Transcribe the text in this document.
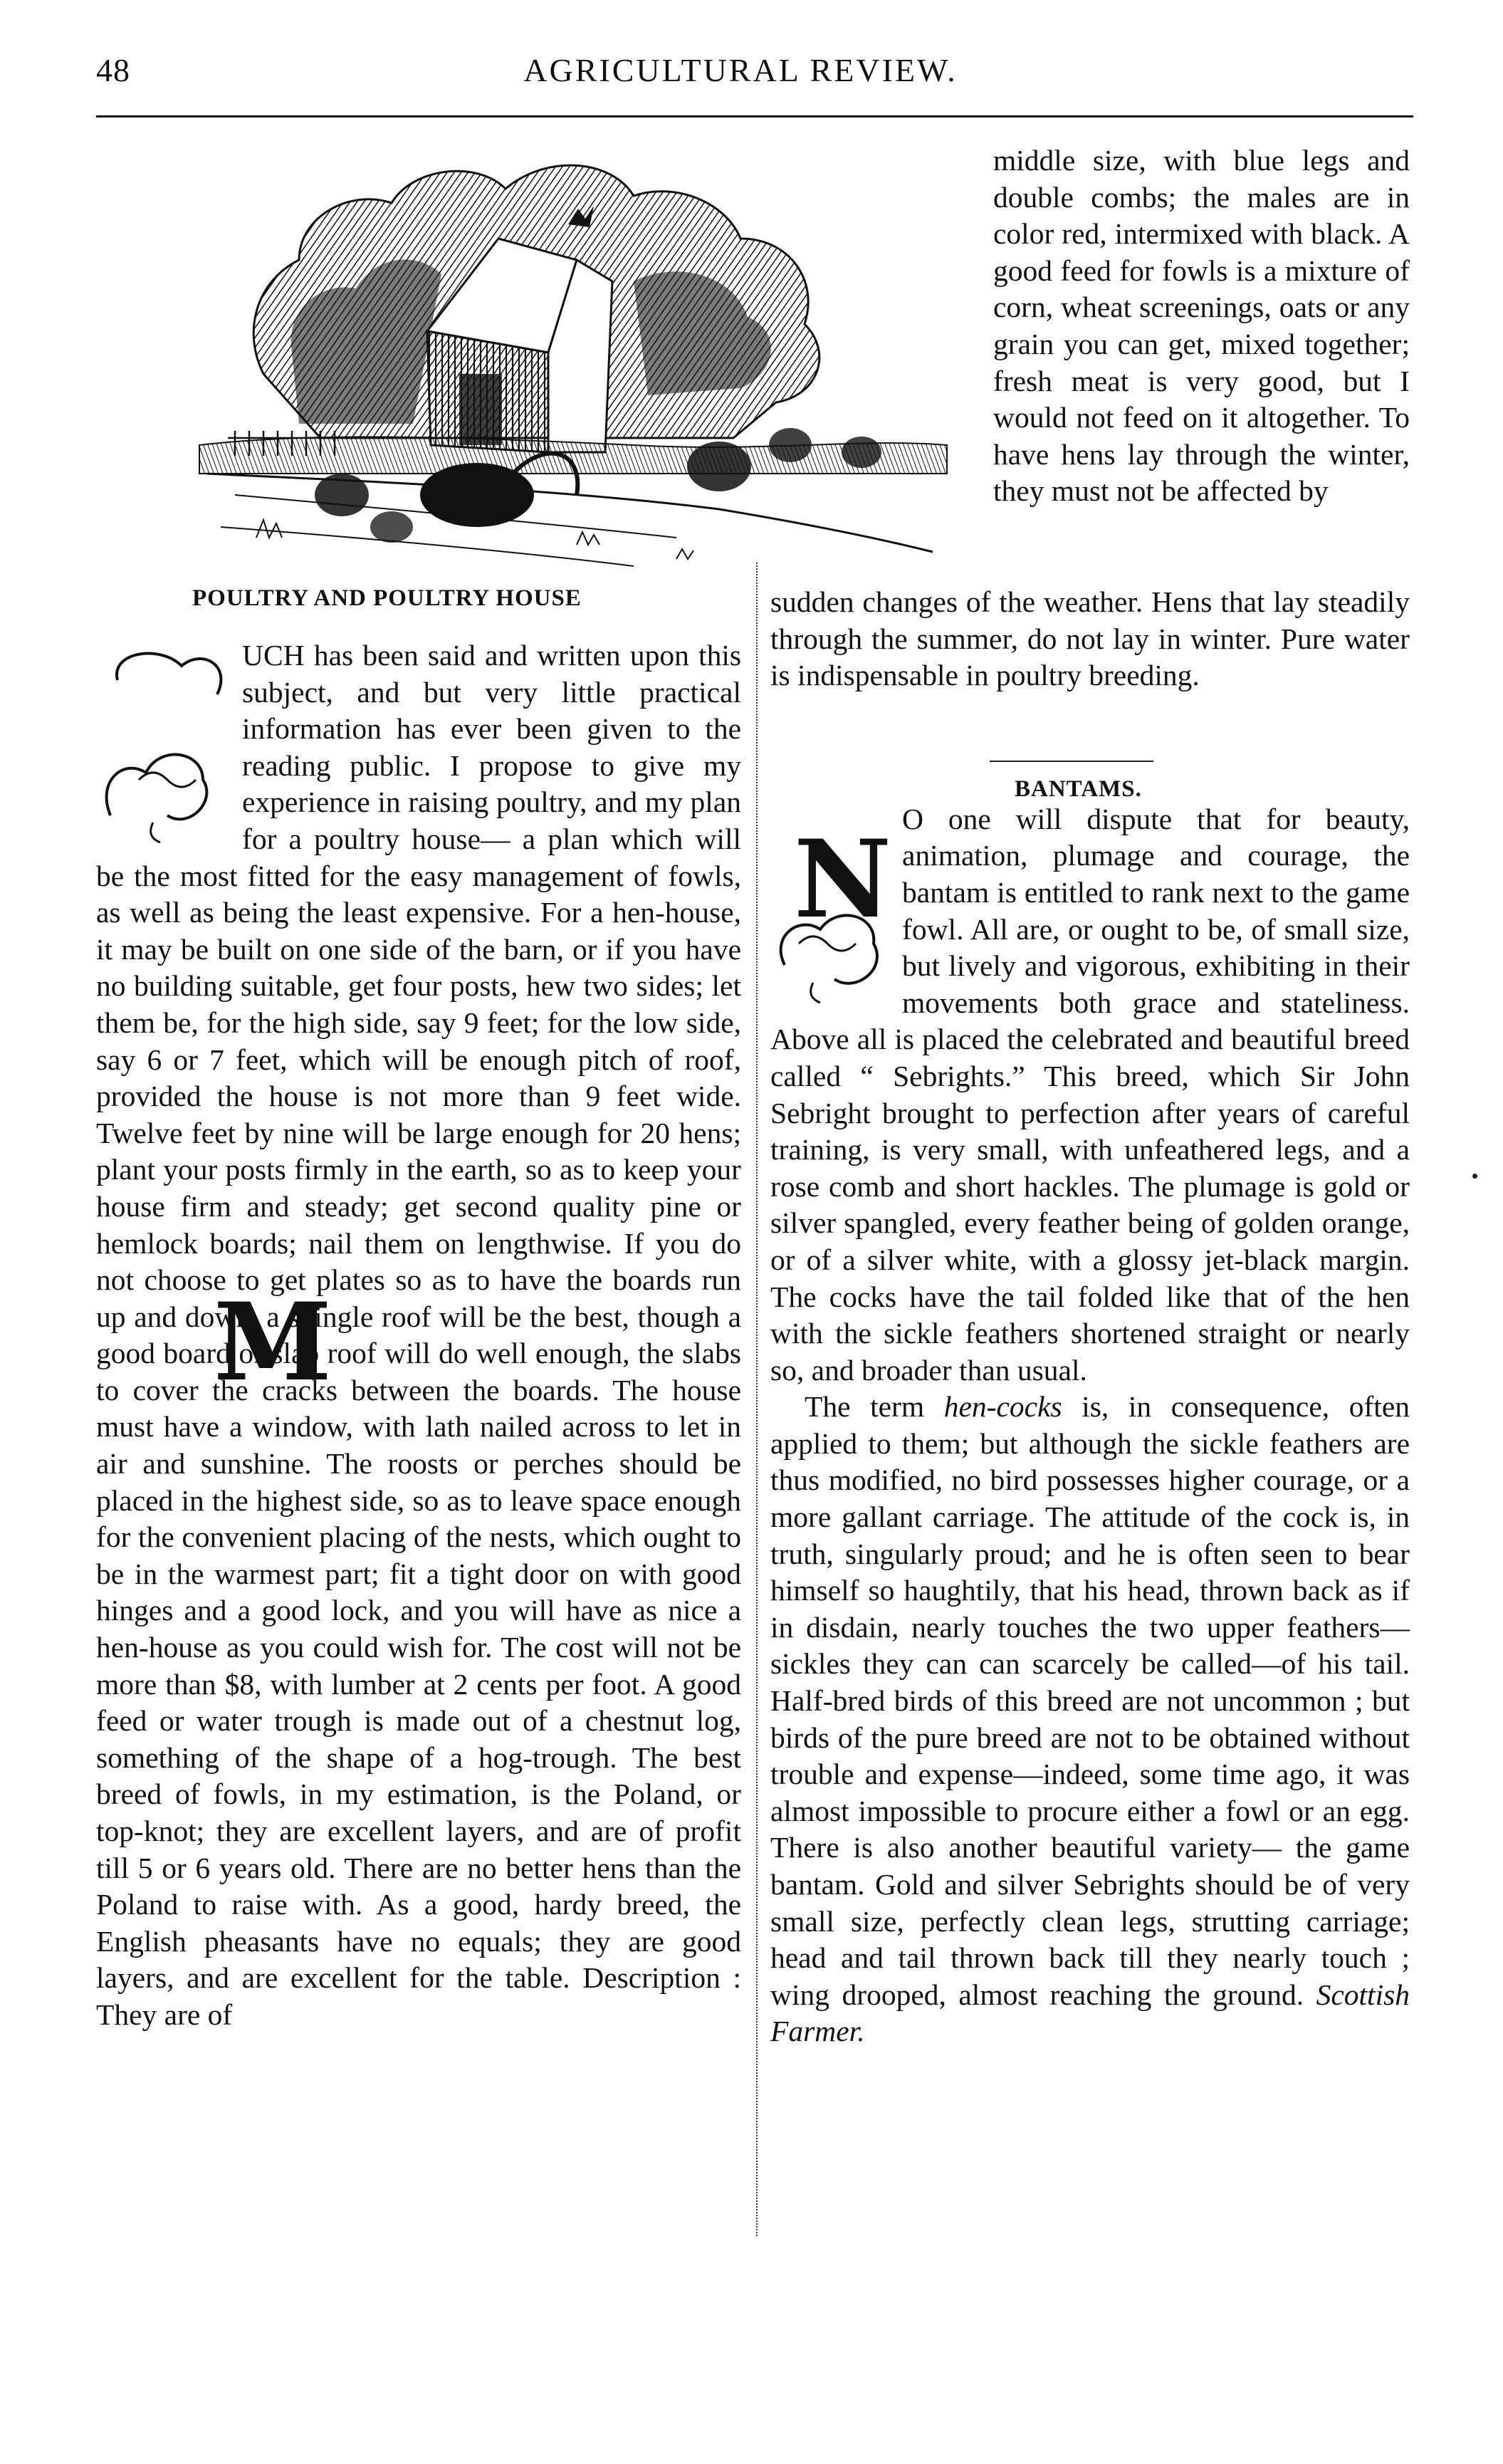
48	AGRICULTURAL REVIEW.

middle size, with blue legs and double combs; the males are in color red, intermixed with black. A good feed for fowls is a mixture of corn, wheat screenings, oats or any grain you can get, mixed together; fresh meat is very good, but I would not feed on it altogether. To have hens lay through the winter, they must not be affected by

POULTRY AND POULTRY HOUSE
M

UCH has been said and written upon this subject, and but very little practical information has ever been given to the reading public. I propose to give my experience in raising poultry, and my plan for a poultry house— a plan which will be the most fitted for the easy management of fowls, as well as being the least expensive. For a hen-house, it may be built on one side of the barn, or if you have no building suitable, get four posts, hew two sides; let them be, for the high side, say 9 feet; for the low side, say 6 or 7 feet, which will be enough pitch of roof, provided the house is not more than 9 feet wide. Twelve feet by nine will be large enough for 20 hens; plant your posts firmly in the earth, so as to keep your house firm and steady; get second quality pine or hemlock boards; nail them on lengthwise. If you do not choose to get plates so as to have the boards run up and down, a shingle roof will be the best, though a good board or slab roof will do well enough, the slabs to cover the cracks between the boards. The house must have a window, with lath nailed across to let in air and sunshine. The roosts or perches should be placed in the highest side, so as to leave space enough for the convenient placing of the nests, which ought to be in the warmest part; fit a tight door on with good hinges and a good lock, and you will have as nice a hen-house as you could wish for. The cost will not be more than $8, with lumber at 2 cents per foot. A good feed or water trough is made out of a chestnut log, something of the shape of a hog-trough. The best breed of fowls, in my estimation, is the Poland, or top-knot; they are excellent layers, and are of profit till 5 or 6 years old. There are no better hens than the Poland to raise with. As a good, hardy breed, the English pheasants have no equals; they are good layers, and are excellent for the table. Description : They are of

sudden changes of the weather. Hens that lay steadily through the summer, do not lay in winter. Pure water is indispensable in poultry breeding.

O one will dispute that for beauty, animation, plumage and courage, the bantam is entitled to rank next to the game fowl. All are, or ought to be, of small size, but lively and vigorous, exhibiting in their movements both grace and stateliness. Above all is placed the celebrated and beautiful breed called “ Sebrights.” This breed, which Sir John Sebright brought to perfection after years of careful training, is very small, with unfeathered legs, and a rose comb and short hackles. The plumage is gold or silver spangled, every feather being of golden orange, or of a silver white, with a glossy jet-black margin. The cocks have the tail folded like that of the hen with the sickle feathers shortened straight or nearly so, and broader than usual.

The term hen-cocks is, in consequence, often applied to them; but although the sickle feathers are thus modified, no bird possesses higher courage, or a more gallant carriage. The attitude of the cock is, in truth, singularly proud; and he is often seen to bear himself so haughtily, that his head, thrown back as if in disdain, nearly touches the two upper feathers—sickles they can can scarcely be called—of his tail. Half-bred birds of this breed are not uncommon ; but birds of the pure breed are not to be obtained without trouble and expense—indeed, some time ago, it was almost impossible to procure either a fowl or an egg. There is also another beautiful variety— the game bantam. Gold and silver Sebrights should be of very small size, perfectly clean legs, strutting carriage; head and tail thrown back till they nearly touch ; wing drooped, almost reaching the ground. Scottish Farmer.

BANTAMS.
N
